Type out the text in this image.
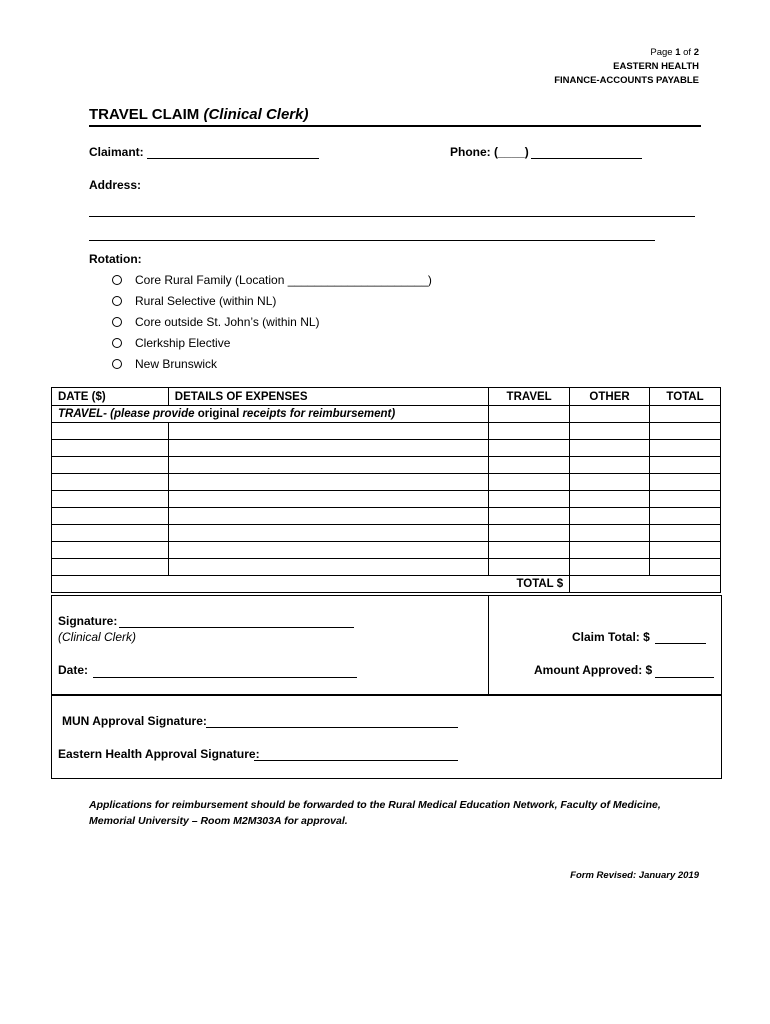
Page 1 of 2
EASTERN HEALTH
FINANCE-ACCOUNTS PAYABLE
TRAVEL CLAIM (Clinical Clerk)
Claimant:	Phone: (____)
Address:
Rotation:
Core Rural Family (Location _____________________)
Rural Selective (within NL)
Core outside St. John’s (within NL)
Clerkship Elective
New Brunswick
DATE ($)	DETAILS OF EXPENSES	TRAVEL	OTHER	TOTAL
TRAVEL- (please provide original receipts for reimbursement)				

TOTAL $				
Signature:
(Clinical Clerk)
Date:
Claim Total: $
Amount Approved: $
MUN Approval Signature:
Eastern Health Approval Signature:
Applications for reimbursement should be forwarded to the Rural Medical Education Network, Faculty of Medicine, Memorial University – Room M2M303A for approval.
Form Revised: January 2019
